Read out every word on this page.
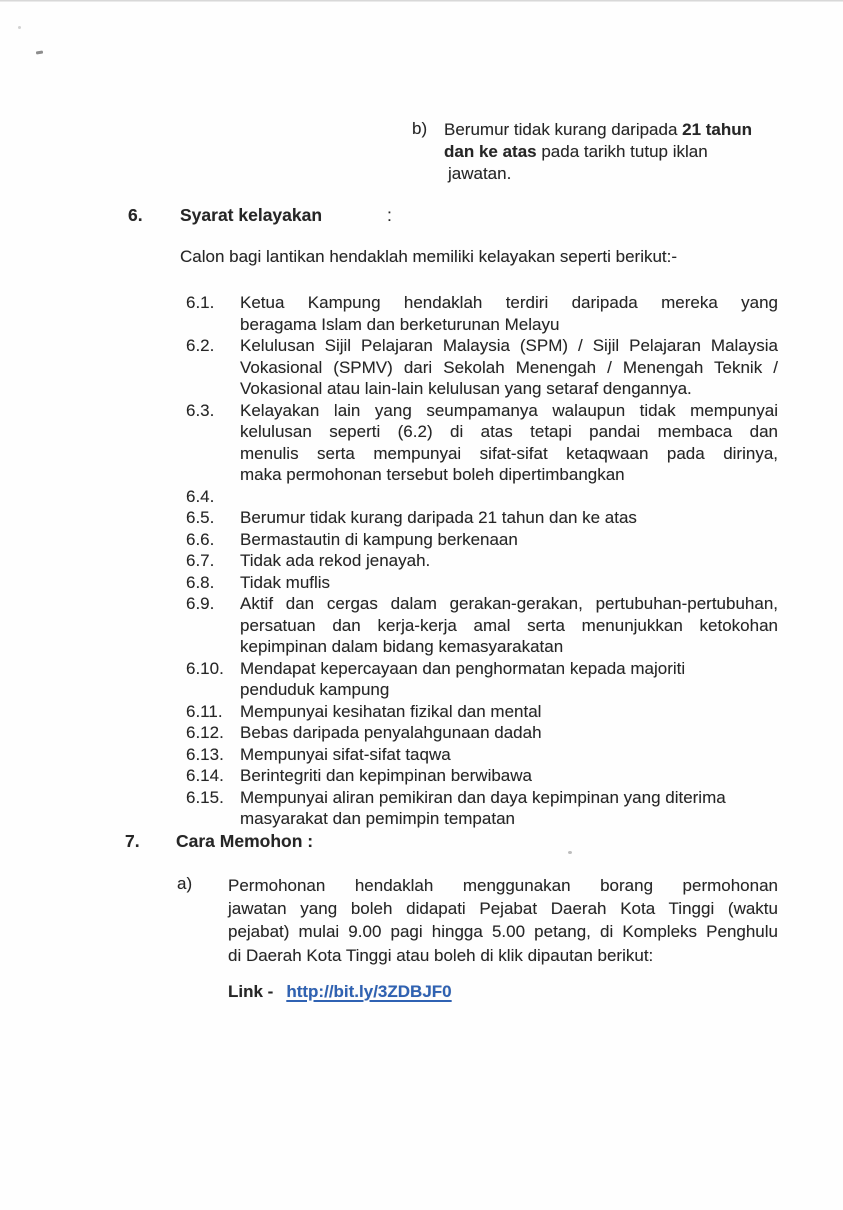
b) Berumur tidak kurang daripada 21 tahun
dan ke atas pada tarikh tutup iklan
jawatan.
6. Syarat kelayakan	:
Calon bagi lantikan hendaklah memiliki kelayakan seperti berikut:-
6.1. Ketua Kampung hendaklah terdiri daripada mereka yang
beragama Islam dan berketurunan Melayu
6.2. Kelulusan Sijil Pelajaran Malaysia (SPM) / Sijil Pelajaran Malaysia
Vokasional (SPMV) dari Sekolah Menengah / Menengah Teknik /
Vokasional atau lain-lain kelulusan yang setaraf dengannya.
6.3. Kelayakan lain yang seumpamanya walaupun tidak mempunyai
kelulusan seperti (6.2) di atas tetapi pandai membaca dan
menulis serta mempunyai sifat-sifat ketaqwaan pada dirinya,
maka permohonan tersebut boleh dipertimbangkan
6.4.
6.5. Berumur tidak kurang daripada 21 tahun dan ke atas
6.6. Bermastautin di kampung berkenaan
6.7. Tidak ada rekod jenayah.
6.8. Tidak muflis
6.9. Aktif dan cergas dalam gerakan-gerakan, pertubuhan-pertubuhan,
persatuan dan kerja-kerja amal serta menunjukkan ketokohan
kepimpinan dalam bidang kemasyarakatan
6.10. Mendapat kepercayaan dan penghormatan kepada majoriti
penduduk kampung
6.11. Mempunyai kesihatan fizikal dan mental
6.12. Bebas daripada penyalahgunaan dadah
6.13. Mempunyai sifat-sifat taqwa
6.14. Berintegriti dan kepimpinan berwibawa
6.15. Mempunyai aliran pemikiran dan daya kepimpinan yang diterima
masyarakat dan pemimpin tempatan
7. Cara Memohon :
a) Permohonan hendaklah menggunakan borang permohonan
jawatan yang boleh didapati Pejabat Daerah Kota Tinggi (waktu
pejabat) mulai 9.00 pagi hingga 5.00 petang, di Kompleks Penghulu
di Daerah Kota Tinggi atau boleh di klik dipautan berikut:
Link - http://bit.ly/3ZDBJF0
